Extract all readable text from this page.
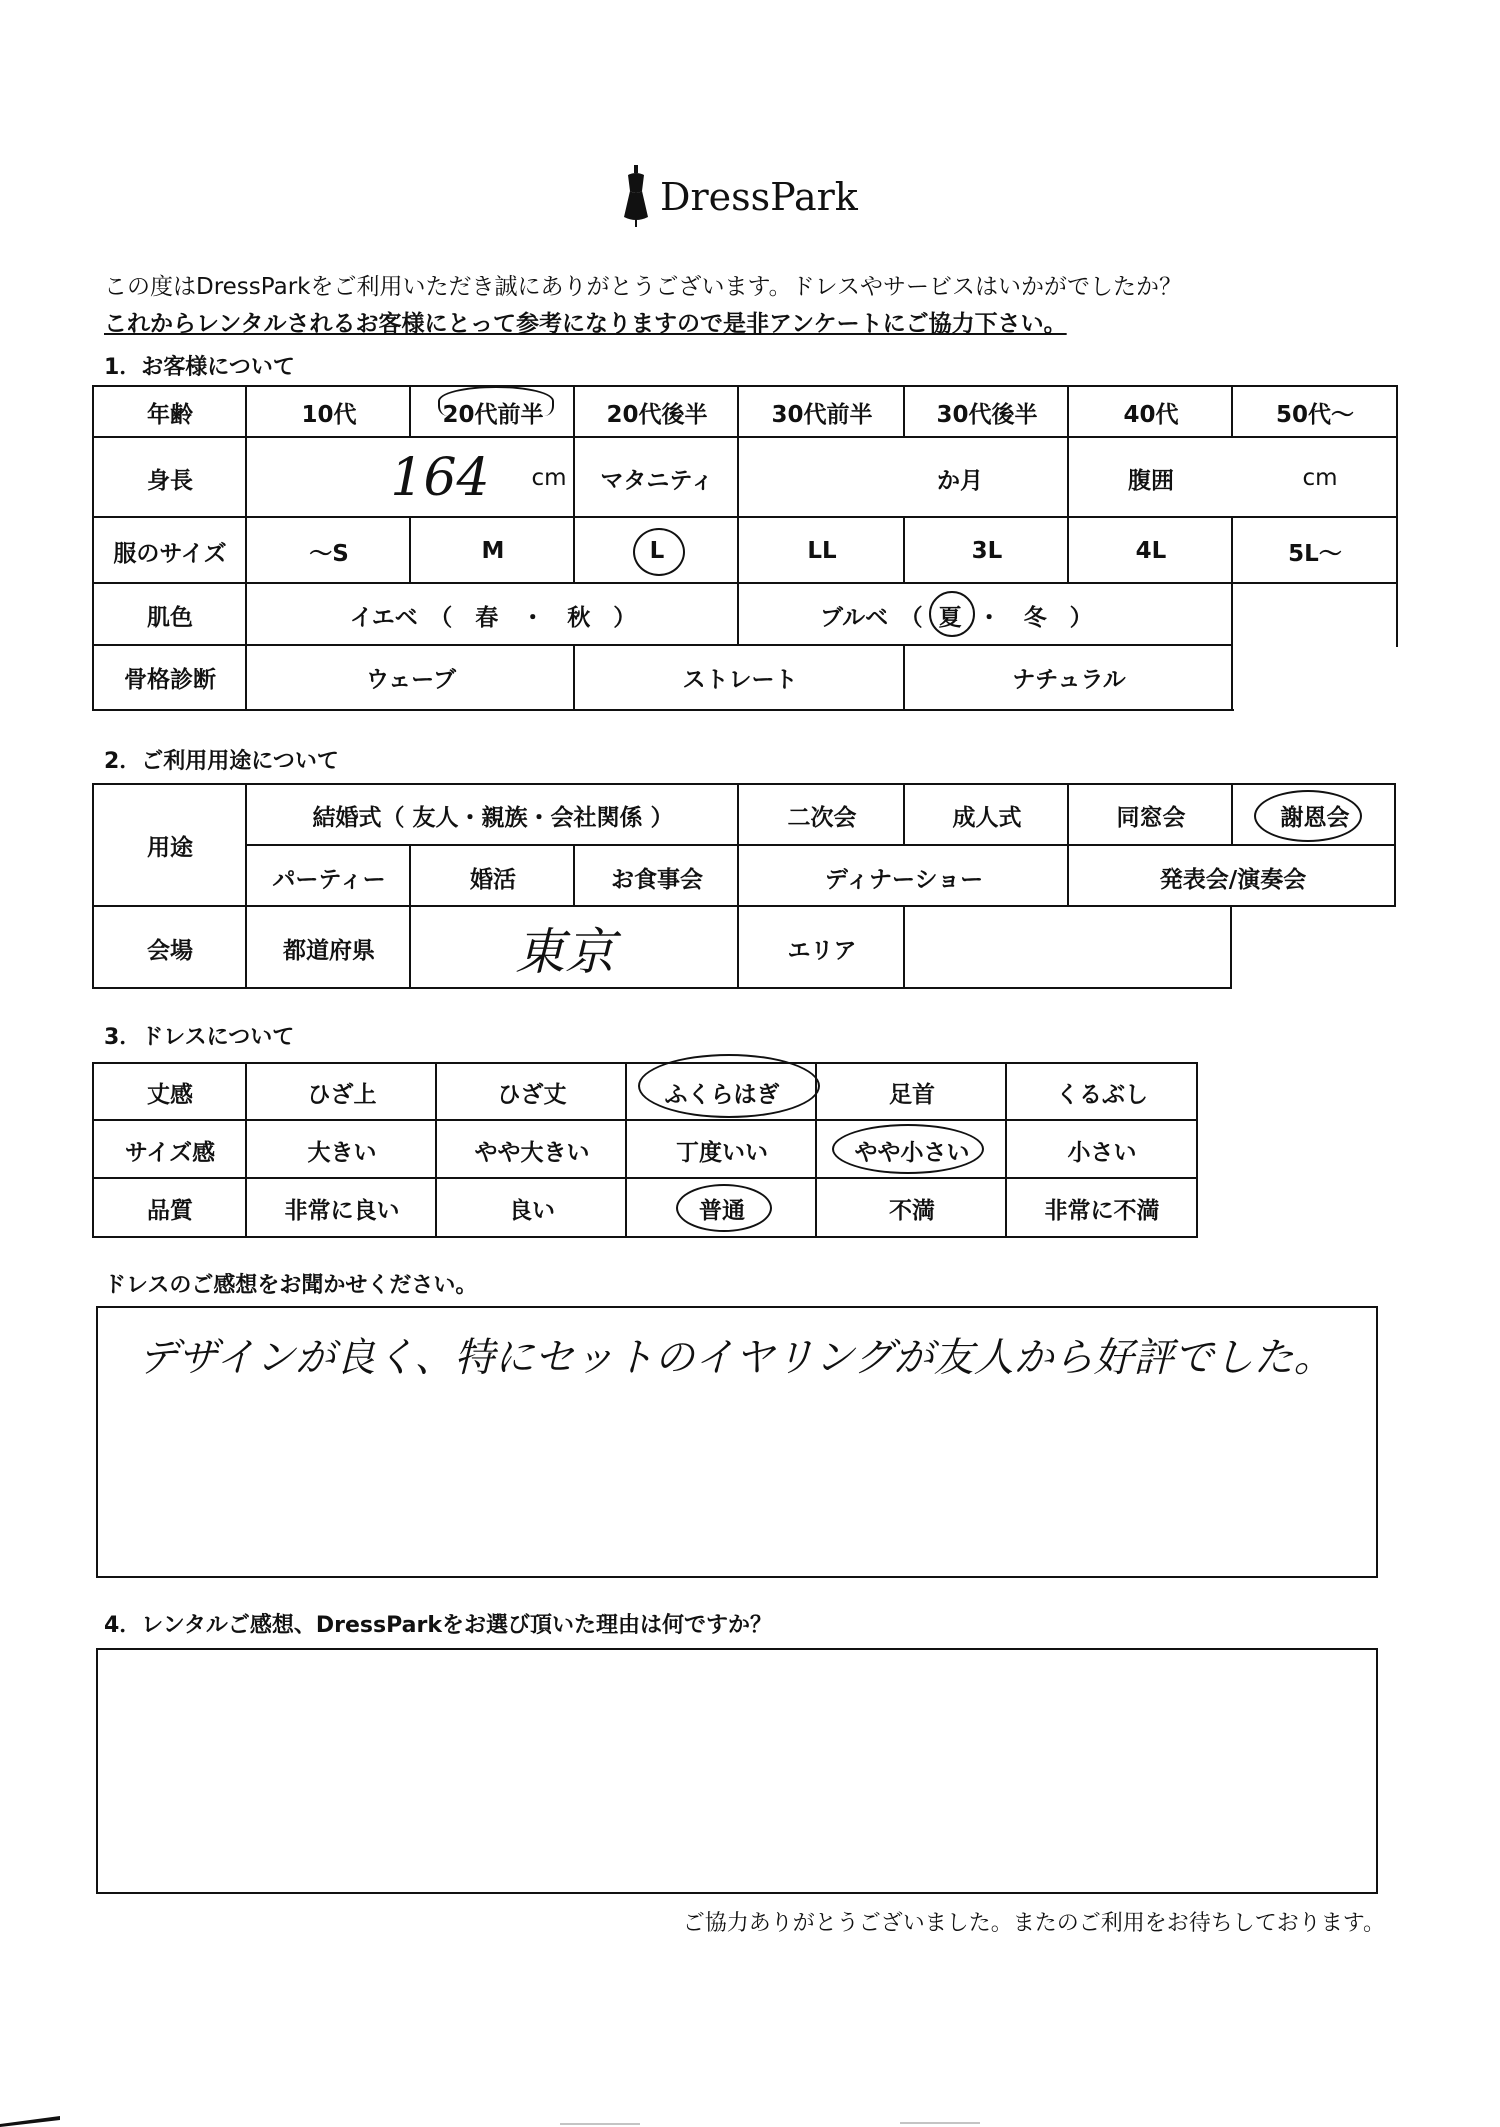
DressPark
この度はDressParkをご利用いただき誠にありがとうございます。ドレスやサービスはいかがでしたか？
これからレンタルされるお客様にとって参考になりますので是非アンケートにご協力下さい。
1．お客様について
年齢	10代	20代前半	20代後半	30代前半	30代後半	40代	50代～
身長	164	cm	マタニティ	か月	腹囲	cm
服のサイズ	～S	M	L	LL	3L	4L	5L～
肌色	イエベ　（　春　・　秋　）	ブルベ　（ 夏 ・　冬　）
骨格診断	ウェーブ	ストレート	ナチュラル
2．ご利用用途について
用途
結婚式（ 友人・親族・会社関係 ）	二次会	成人式	同窓会	謝恩会
パーティー	婚活	お食事会	ディナーショー	発表会/演奏会
会場	都道府県	東京	エリア
3．ドレスについて
丈感	ひざ上	ひざ丈	ふくらはぎ	足首	くるぶし
サイズ感	大きい	やや大きい	丁度いい	やや小さい	小さい
品質	非常に良い	良い	普通	不満	非常に不満
ドレスのご感想をお聞かせください。
デザインが良く、特にセットのイヤリングが友人から好評でした。
4．レンタルご感想、DressParkをお選び頂いた理由は何ですか？
ご協力ありがとうございました。またのご利用をお待ちしております。
